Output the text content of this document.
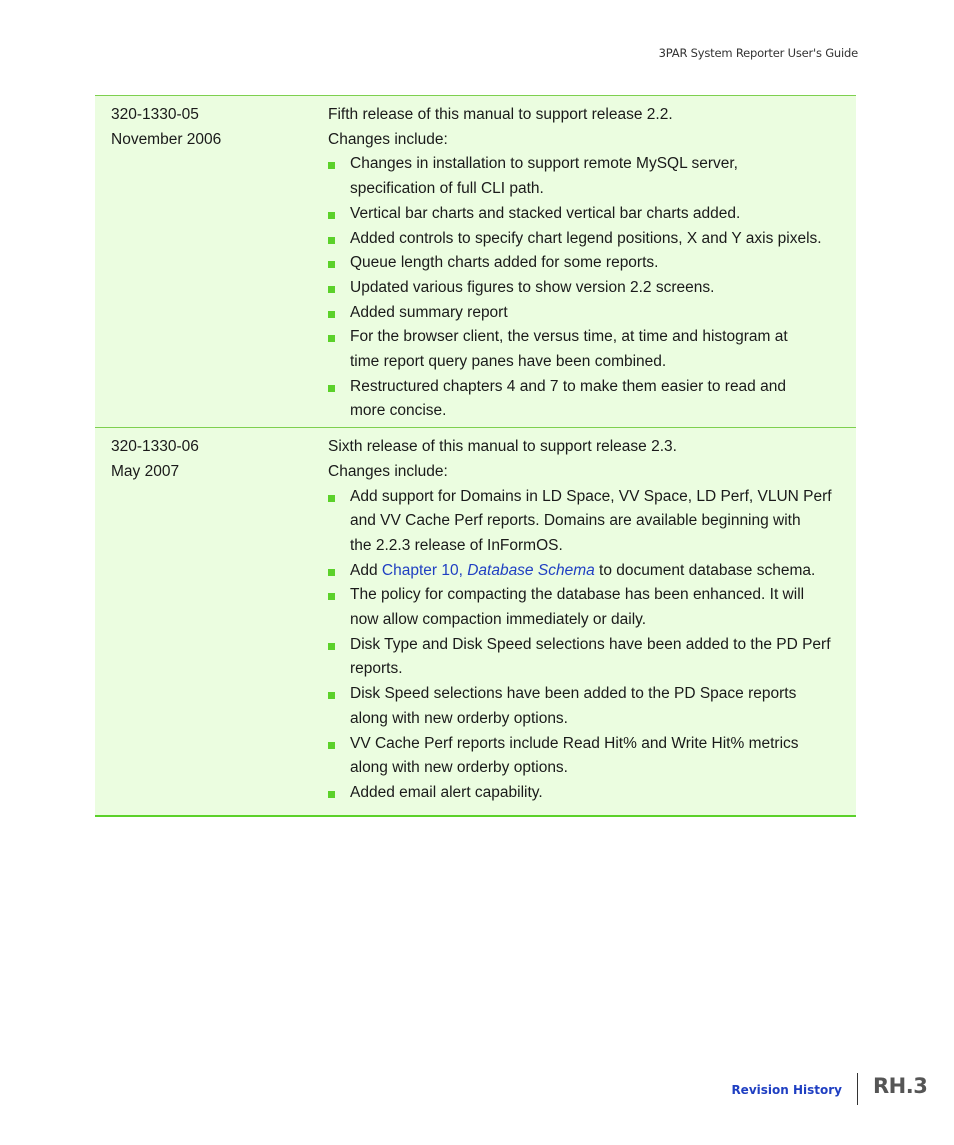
3PAR System Reporter User's Guide
320-1330-05
November 2006
Fifth release of this manual to support release 2.2.
Changes include:
Changes in installation to support remote MySQL server,
specification of full CLI path.
Vertical bar charts and stacked vertical bar charts added.
Added controls to specify chart legend positions, X and Y axis pixels.
Queue length charts added for some reports.
Updated various figures to show version 2.2 screens.
Added summary report
For the browser client, the versus time, at time and histogram at
time report query panes have been combined.
Restructured chapters 4 and 7 to make them easier to read and
more concise.
320-1330-06
May 2007
Sixth release of this manual to support release 2.3.
Changes include:
Add support for Domains in LD Space, VV Space, LD Perf, VLUN Perf
and VV Cache Perf reports. Domains are available beginning with
the 2.2.3 release of InFormOS.
Add Chapter 10, Database Schema to document database schema.
The policy for compacting the database has been enhanced. It will
now allow compaction immediately or daily.
Disk Type and Disk Speed selections have been added to the PD Perf
reports.
Disk Speed selections have been added to the PD Space reports
along with new orderby options.
VV Cache Perf reports include Read Hit% and Write Hit% metrics
along with new orderby options.
Added email alert capability.
Revision History RH.3
